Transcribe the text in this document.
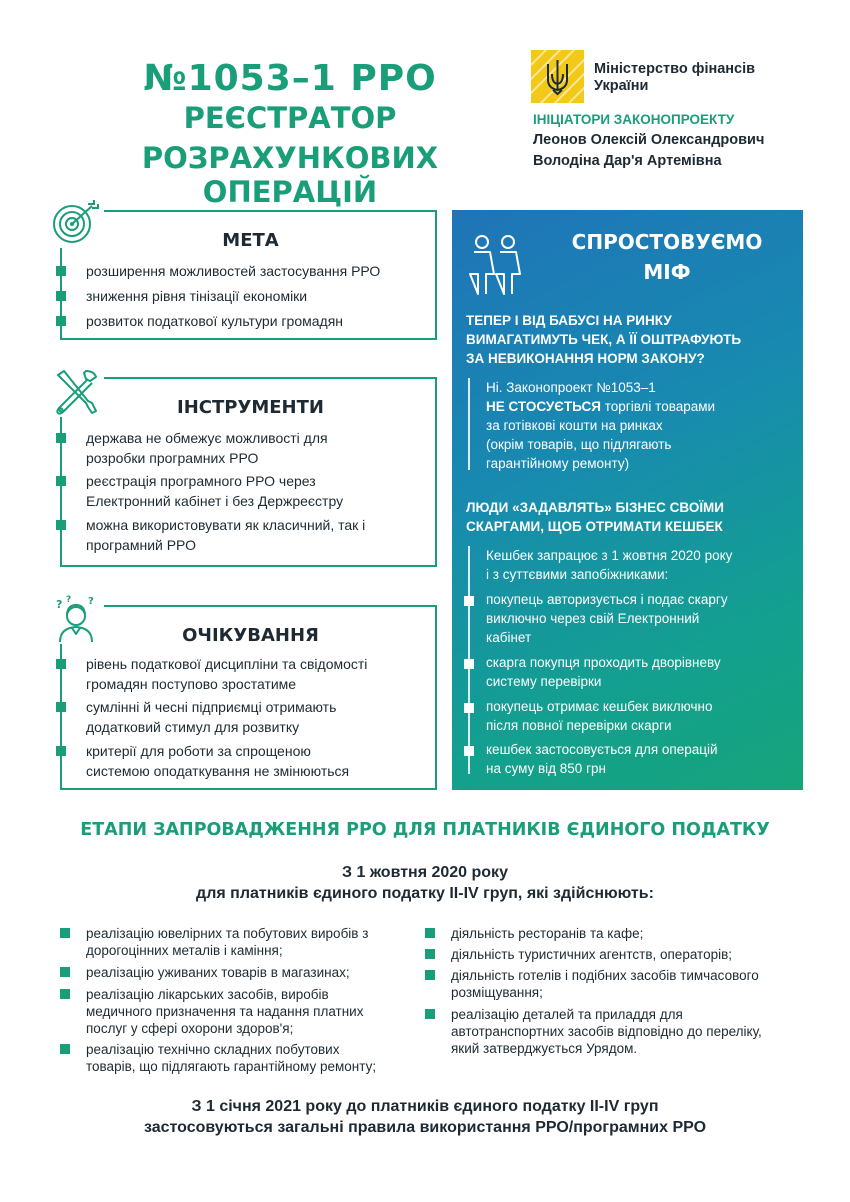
№1053–1 РРО
РЕЄСТРАТОР
РОЗРАХУНКОВИХ ОПЕРАЦІЙ
Міністерство фінансів
України
ІНІЦІАТОРИ ЗАКОНОПРОЕКТУ
Леонов Олексій Олександрович
Володіна Дар'я Артемівна
МЕТА
розширення можливостей застосування РРО
зниження рівня тінізації економіки
розвиток податкової культури громадян
ІНСТРУМЕНТИ
держава не обмежує можливості для
розробки програмних РРО
реєстрація програмного РРО через
Електронний кабінет і без Держреєстру
можна використовувати як класичний, так і
програмний РРО
ОЧІКУВАННЯ
рівень податкової дисципліни та свідомості
громадян поступово зростатиме
сумлінні й чесні підприємці отримають
додатковий стимул для розвитку
критерії для роботи за спрощеною
системою оподаткування не змінюються
? ? ?
СПРОСТОВУЄМО
МІФ
ТЕПЕР І ВІД БАБУСІ НА РИНКУ
ВИМАГАТИМУТЬ ЧЕК, А ЇЇ ОШТРАФУЮТЬ
ЗА НЕВИКОНАННЯ НОРМ ЗАКОНУ?
Ні. Законопроект №1053–1
НЕ СТОСУЄТЬСЯ торгівлі товарами
за готівкові кошти на ринках
(окрім товарів, що підлягають
гарантійному ремонту)
ЛЮДИ «ЗАДАВЛЯТЬ» БІЗНЕС СВОЇМИ
СКАРГАМИ, ЩОБ ОТРИМАТИ КЕШБЕК
Кешбек запрацює з 1 жовтня 2020 року
і з суттєвими запобіжниками:
покупець авторизується і подає скаргу
виключно через свій Електронний
кабінет
скарга покупця проходить дворівневу
систему перевірки
покупець отримає кешбек виключно
після повної перевірки скарги
кешбек застосовується для операцій
на суму від 850 грн
ЕТАПИ ЗАПРОВАДЖЕННЯ РРО ДЛЯ ПЛАТНИКІВ ЄДИНОГО ПОДАТКУ
З 1 жовтня 2020 року
для платників єдиного податку ІІ-IV груп, які здійснюють:
реалізацію ювелірних та побутових виробів з
дорогоцінних металів і каміння;
реалізацію уживаних товарів в магазинах;
реалізацію лікарських засобів, виробів
медичного призначення та надання платних
послуг у сфері охорони здоров'я;
реалізацію технічно складних побутових
товарів, що підлягають гарантійному ремонту;
діяльність ресторанів та кафе;
діяльність туристичних агентств, операторів;
діяльність готелів і подібних засобів тимчасового
розміщування;
реалізацію деталей та приладдя для
автотранспортних засобів відповідно до переліку,
який затверджується Урядом.
З 1 січня 2021 року до платників єдиного податку ІІ-IV груп
застосовуються загальні правила використання РРО/програмних РРО
